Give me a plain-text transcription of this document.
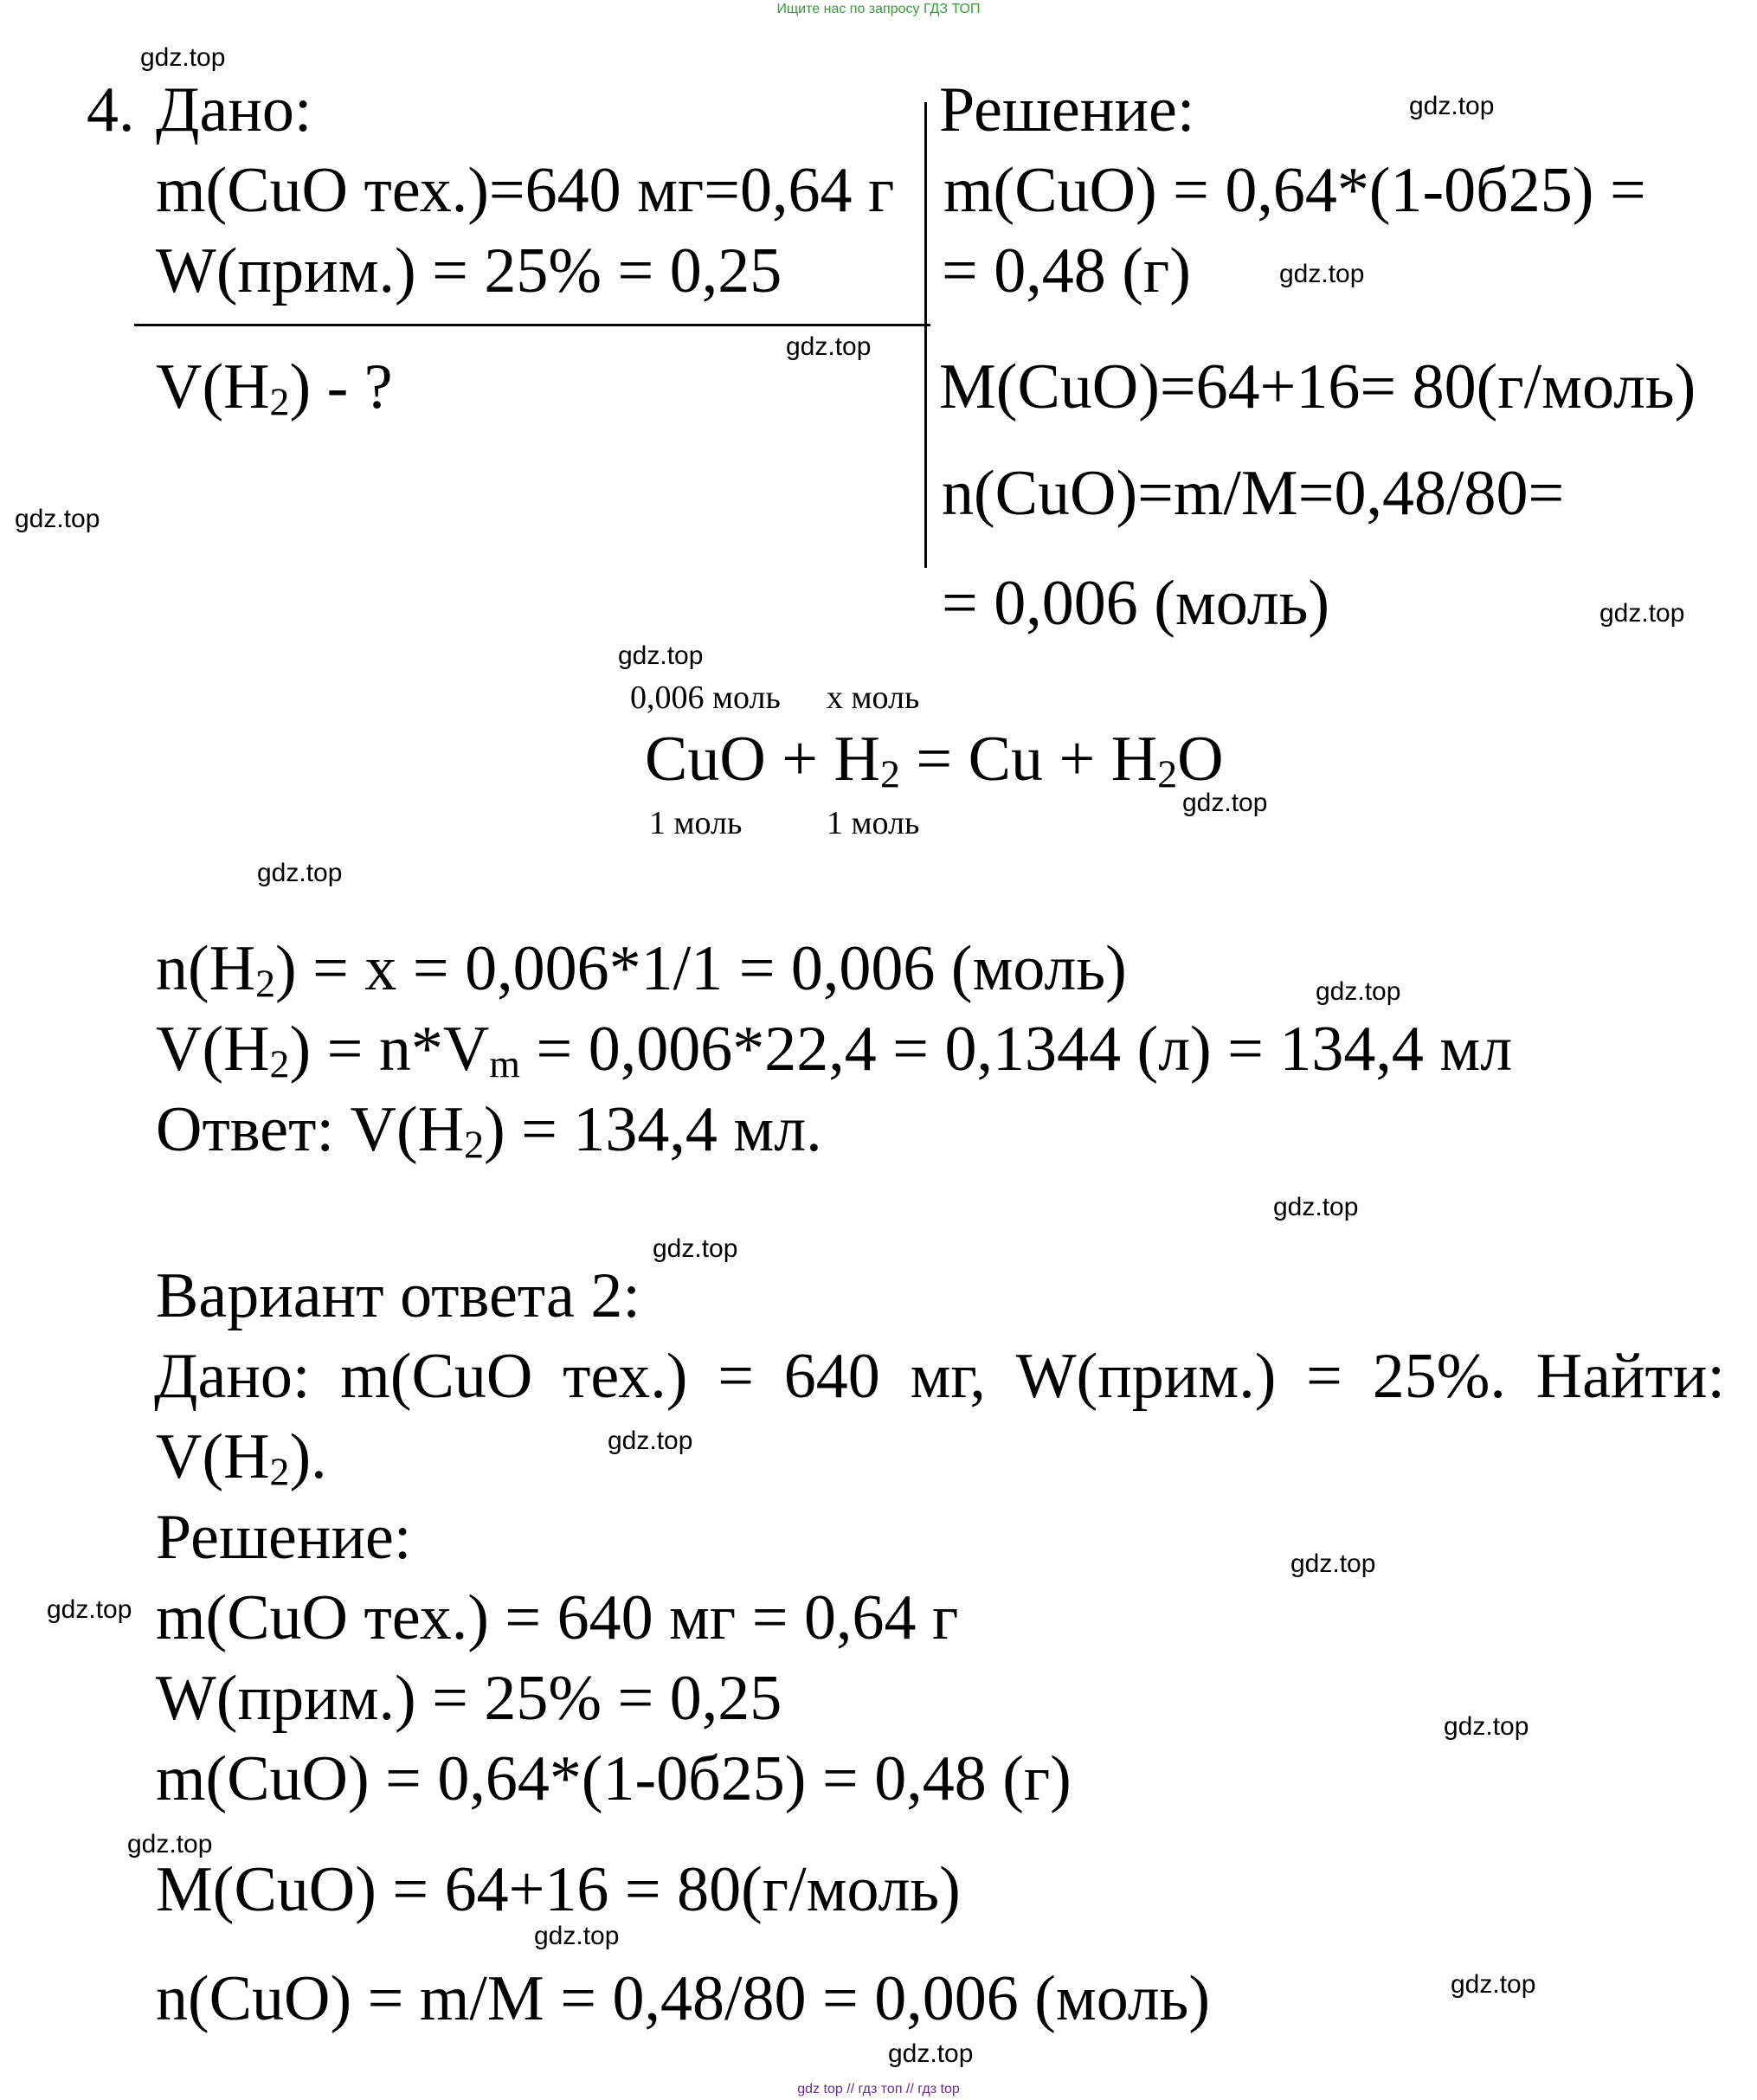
Ищите нас по запросу ГДЗ ТОП
4. Дано:
m(CuO тех.)=640 мг=0,64 г
W(прим.) = 25% = 0,25
$V(H_2)$ - ?
Решение:
m(CuO) = 0,64*(1-0б25) =
= 0,48 (г)
M(CuO)=64+16= 80(г/моль)
n(CuO)=m/M=0,48/80=
= 0,006 (моль)
0,006 моль х моль
CuO + $H_2 = Cu + H_2O$
1 моль	1 моль
$n(H_2) = x = 0,006*1/1 = 0,006$ (моль)
$V(H_2) = n*V_m = 0,006*22,4 = 0,1344$ (л) = 134,4 мл
Ответ: $V(H_2) = 134,4$ мл.
Вариант ответа 2:
Дано: m(CuO тех.) = 640 мг, W(прим.) = 25%. Найти:
$V(H_2)$.
Решение:
m(CuO тех.) = 640 мг = 0,64 г
W(прим.) = 25% = 0,25
m(CuO) = 0,64*(1-0б25) = 0,48 (г)
M(CuO) = 64+16 = 80(г/моль)
n(CuO) = m/M = 0,48/80 = 0,006 (моль)
gdz.top
gdz.top
gdz.top
gdz.top
gdz.top
gdz.top
gdz.top
gdz.top
gdz.top
gdz.top
gdz.top
gdz.top
gdz.top
gdz.top
gdz.top
gdz.top
gdz.top
gdz.top
gdz.top
gdz.top
gdz top // гдз топ // гдз top
